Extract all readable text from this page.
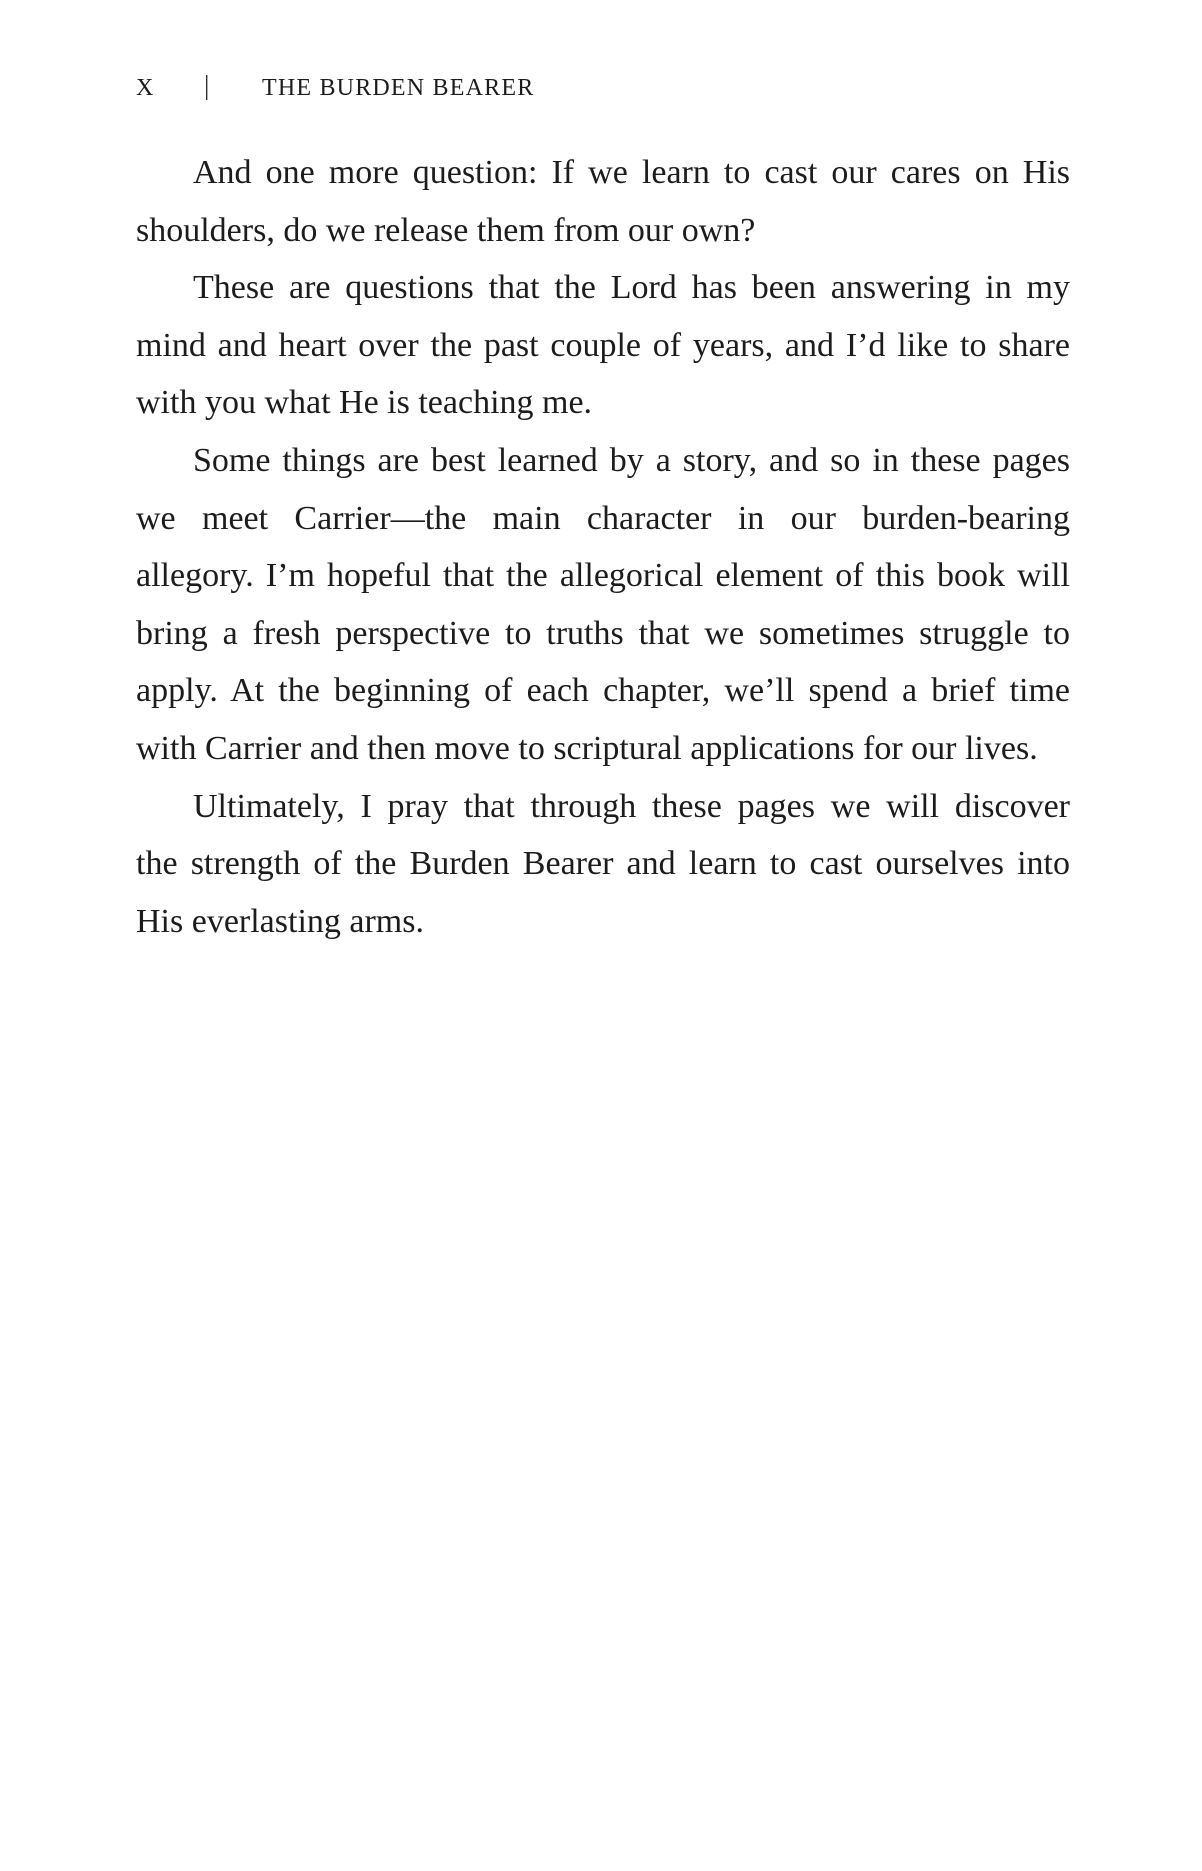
X | THE BURDEN BEARER
And one more question: If we learn to cast our cares on His
shoulders, do we release them from our own?
These are questions that the Lord has been answering in my
mind and heart over the past couple of years, and I’d like to share
with you what He is teaching me.
Some things are best learned by a story, and so in these pages
we meet Carrier—the main character in our burden-bearing
allegory. I’m hopeful that the allegorical element of this book will
bring a fresh perspective to truths that we sometimes struggle to
apply. At the beginning of each chapter, we’ll spend a brief time
with Carrier and then move to scriptural applications for our lives.
Ultimately, I pray that through these pages we will discover
the strength of the Burden Bearer and learn to cast ourselves into
His everlasting arms.
